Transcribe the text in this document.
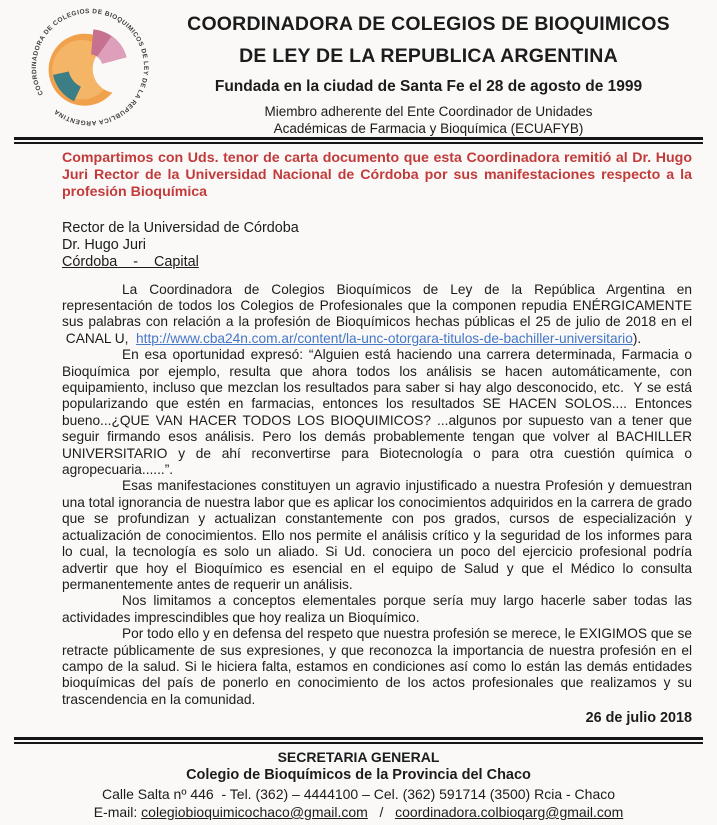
COORDINADORA DE COLEGIOS DE BIOQUIMICOS DE LEY DE LA REPUBLICA ARGENTINA
COORDINADORA DE COLEGIOS DE BIOQUIMICOS
DE LEY DE LA REPUBLICA ARGENTINA
Fundada en la ciudad de Santa Fe el 28 de agosto de 1999
Miembro adherente del Ente Coordinador de Unidades
Académicas de Farmacia y Bioquímica (ECUAFYB)
Compartimos con Uds. tenor de carta documento que esta Coordinadora remitió al Dr. Hugo Juri Rector de la Universidad Nacional de Córdoba por sus manifestaciones respecto a la profesión Bioquímica
Rector de la Universidad de Córdoba
Dr. Hugo Juri
Córdoba    -    Capital

La Coordinadora de Colegios Bioquímicos de Ley de la República Argentina en representación de todos los Colegios de Profesionales que la componen repudia ENÉRGICAMENTE sus palabras con relación a la profesión de Bioquímicos hechas públicas el 25 de julio de 2018 en el  CANAL U,  http://www.cba24n.com.ar/content/la-unc-otorgara-titulos-de-bachiller-universitario).

En esa oportunidad expresó: “Alguien está haciendo una carrera determinada, Farmacia o Bioquímica por ejemplo, resulta que ahora todos los análisis se hacen automáticamente, con equipamiento, incluso que mezclan los resultados para saber si hay algo desconocido, etc.  Y se está popularizando que estén en farmacias, entonces los resultados SE HACEN SOLOS.... Entonces bueno...¿QUE VAN HACER TODOS LOS BIOQUIMICOS? ...algunos por supuesto van a tener que seguir firmando esos análisis. Pero los demás probablemente tengan que volver al BACHILLER UNIVERSITARIO y de ahí reconvertirse para Biotecnología o para otra cuestión química o agropecuaria......”.

Esas manifestaciones constituyen un agravio injustificado a nuestra Profesión y demuestran una total ignorancia de nuestra labor que es aplicar los conocimientos adquiridos en la carrera de grado que se profundizan y actualizan constantemente con pos grados, cursos de especialización y actualización de conocimientos. Ello nos permite el análisis crítico y la seguridad de los informes para lo cual, la tecnología es solo un aliado. Si Ud. conociera un poco del ejercicio profesional podría advertir que hoy el Bioquímico es esencial en el equipo de Salud y que el Médico lo consulta permanentemente antes de requerir un análisis.

Nos limitamos a conceptos elementales porque sería muy largo hacerle saber todas las actividades imprescindibles que hoy realiza un Bioquímico.

Por todo ello y en defensa del respeto que nuestra profesión se merece, le EXIGIMOS que se retracte públicamente de sus expresiones, y que reconozca la importancia de nuestra profesión en el campo de la salud. Si le hiciera falta, estamos en condiciones así como lo están las demás entidades bioquímicas del país de ponerlo en conocimiento de los actos profesionales que realizamos y su trascendencia en la comunidad.

26 de julio 2018
SECRETARIA GENERAL
Colegio de Bioquímicos de la Provincia del Chaco
Calle Salta nº 446  - Tel. (362) – 4444100 – Cel. (362) 591714 (3500) Rcia - Chaco
E-mail: colegiobioquimicochaco@gmail.com   /   coordinadora.colbioqarg@gmail.com
